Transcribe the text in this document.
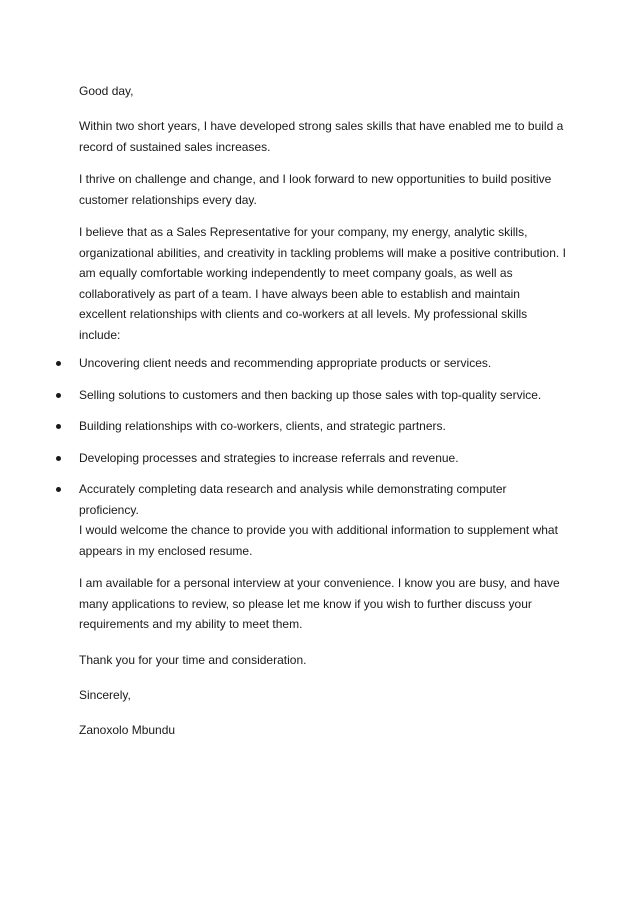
Good day,

Within two short years, I have developed strong sales skills that have enabled me to build a record of sustained sales increases.

I thrive on challenge and change, and I look forward to new opportunities to build positive customer relationships every day.

I believe that as a Sales Representative for your company, my energy, analytic skills, organizational abilities, and creativity in tackling problems will make a positive contribution. I am equally comfortable working independently to meet company goals, as well as collaboratively as part of a team. I have always been able to establish and maintain excellent relationships with clients and co-workers at all levels. My professional skills include:

Uncovering client needs and recommending appropriate products or services.
Selling solutions to customers and then backing up those sales with top-quality service.
Building relationships with co-workers, clients, and strategic partners.
Developing processes and strategies to increase referrals and revenue.
Accurately completing data research and analysis while demonstrating computer proficiency.
I would welcome the chance to provide you with additional information to supplement what appears in my enclosed resume.

I am available for a personal interview at your convenience. I know you are busy, and have many applications to review, so please let me know if you wish to further discuss your requirements and my ability to meet them.

Thank you for your time and consideration.

Sincerely,

Zanoxolo Mbundu
